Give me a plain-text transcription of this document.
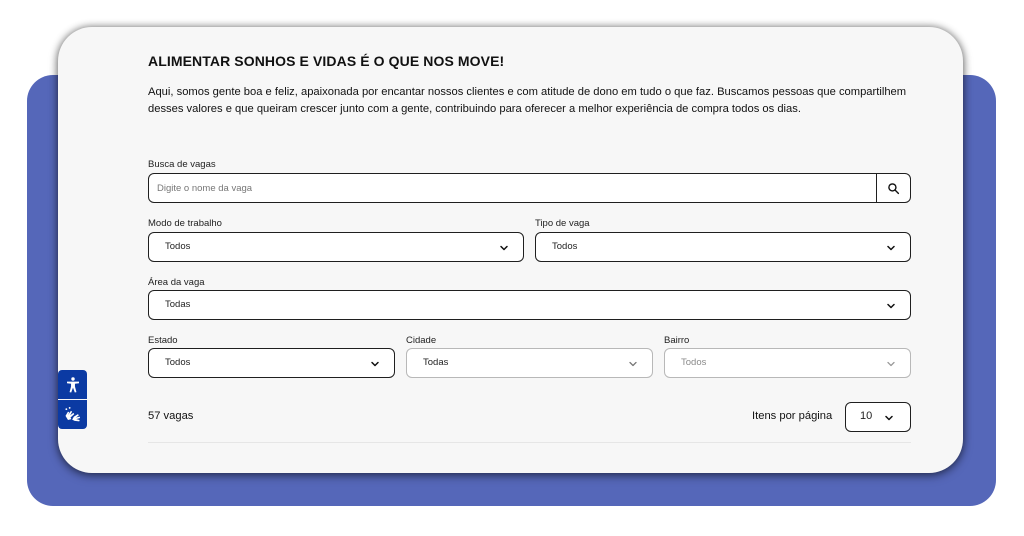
ALIMENTAR SONHOS E VIDAS É O QUE NOS MOVE!

Aqui, somos gente boa e feliz, apaixonada por encantar nossos clientes e com atitude de dono em tudo o que faz. Buscamos pessoas que compartilhem desses valores e que queiram crescer junto com a gente, contribuindo para oferecer a melhor experiência de compra todos os dias.

Busca de vagas
Digite o nome da vaga
Modo de trabalho
Todos
Tipo de vaga
Todos
Área da vaga
Todas
Estado
Todos
Cidade
Todas
Bairro
Todos
57 vagas	Itens por página	10
